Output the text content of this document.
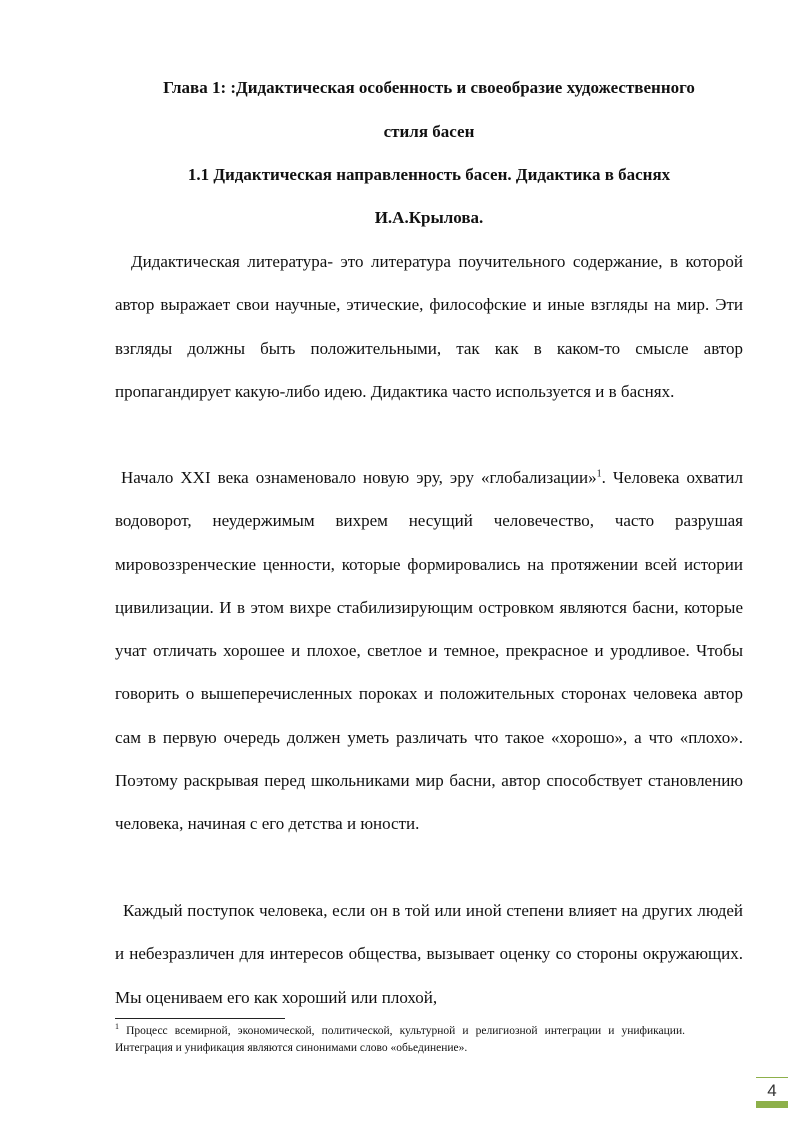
Глава 1: :Дидактическая особенность и своеобразие художественного
стиля басен
1.1 Дидактическая направленность басен. Дидактика в баснях
И.А.Крылова.

Дидактическая литература- это литература поучительного содержание, в которой автор выражает свои научные, этические, философские и иные взгляды на мир. Эти взгляды должны быть положительными, так как в каком-то смысле автор пропагандирует какую-либо идею. Дидактика часто используется и в баснях.

Начало XXI века ознаменовало новую эру, эру «глобализации»$^1$. Человека охватил водоворот, неудержимым вихрем несущий человечество, часто разрушая мировоззренческие ценности, которые формировались на протяжении всей истории цивилизации. И в этом вихре стабилизирующим островком являются басни, которые учат отличать хорошее и плохое, светлое и темное, прекрасное и уродливое. Чтобы говорить о вышеперечисленных пороках и положительных сторонах человека автор сам в первую очередь должен уметь различать что такое «хорошо», а что «плохо». Поэтому раскрывая перед школьниками мир басни, автор способствует становлению человека, начиная с его детства и юности.

Каждый поступок человека, если он в той или иной степени влияет на других людей и небезразличен для интересов общества, вызывает оценку со стороны окружающих. Мы оцениваем его как хороший или плохой,

$^1$ Процесс всемирной, экономической, политической, культурной и религиозной интеграции и унификации. Интеграция и унификация являются синонимами слово «обьединение».

4
